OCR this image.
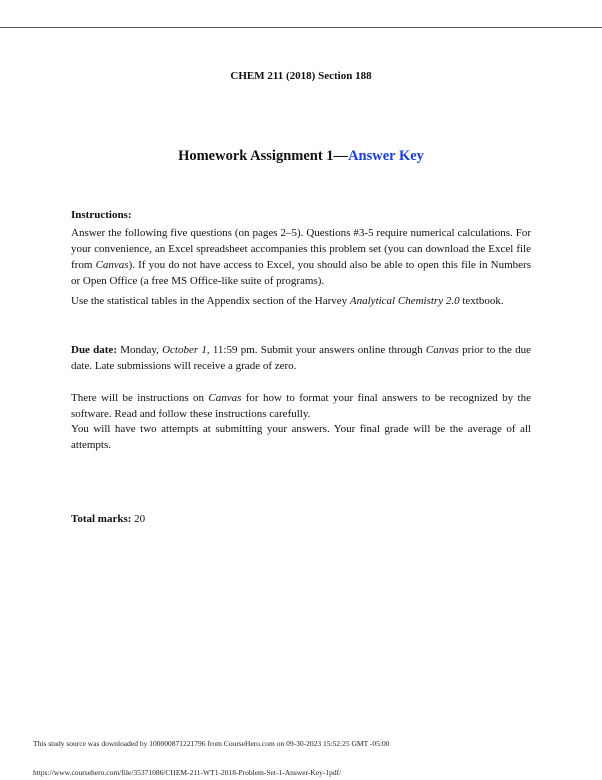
CHEM 211 (2018) Section 188
Homework Assignment 1—Answer Key
Instructions:

Answer the following five questions (on pages 2–5). Questions #3-5 require numerical calculations. For your convenience, an Excel spreadsheet accompanies this problem set (you can download the Excel file from Canvas). If you do not have access to Excel, you should also be able to open this file in Numbers or Open Office (a free MS Office-like suite of programs).

Use the statistical tables in the Appendix section of the Harvey Analytical Chemistry 2.0 textbook.

Due date: Monday, October 1, 11:59 pm. Submit your answers online through Canvas prior to the due date. Late submissions will receive a grade of zero.

There will be instructions on Canvas for how to format your final answers to be recognized by the software. Read and follow these instructions carefully.

You will have two attempts at submitting your answers. Your final grade will be the average of all attempts.

Total marks: 20

This study source was downloaded by 100000871221796 from CourseHero.com on 09-30-2023 15:52:25 GMT -05:00
https://www.coursehero.com/file/35371086/CHEM-211-WT1-2018-Problem-Set-1-Answer-Key-1pdf/
